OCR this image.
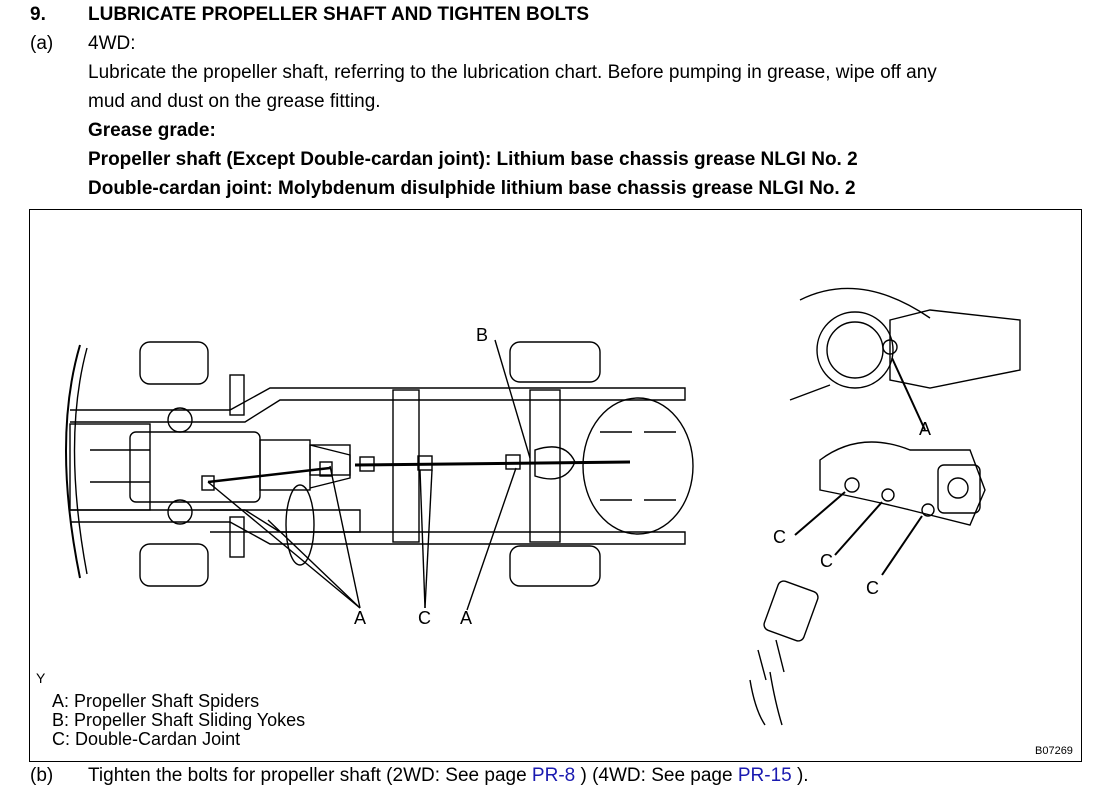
9. LUBRICATE PROPELLER SHAFT AND TIGHTEN BOLTS
(a) 4WD:
Lubricate the propeller shaft, referring to the lubrication chart. Before pumping in grease, wipe off any
mud and dust on the grease fitting.
Grease grade:
Propeller shaft (Except Double-cardan joint): Lithium base chassis grease NLGI No. 2
Double-cardan joint: Molybdenum disulphide lithium base chassis grease NLGI No. 2
B
A	C A
A
C
C
C
Y
A: Propeller Shaft Spiders
B: Propeller Shaft Sliding Yokes
C: Double-Cardan Joint
B07269
(b) Tighten the bolts for propeller shaft (2WD: See page PR-8 ) (4WD: See page PR-15 ).
